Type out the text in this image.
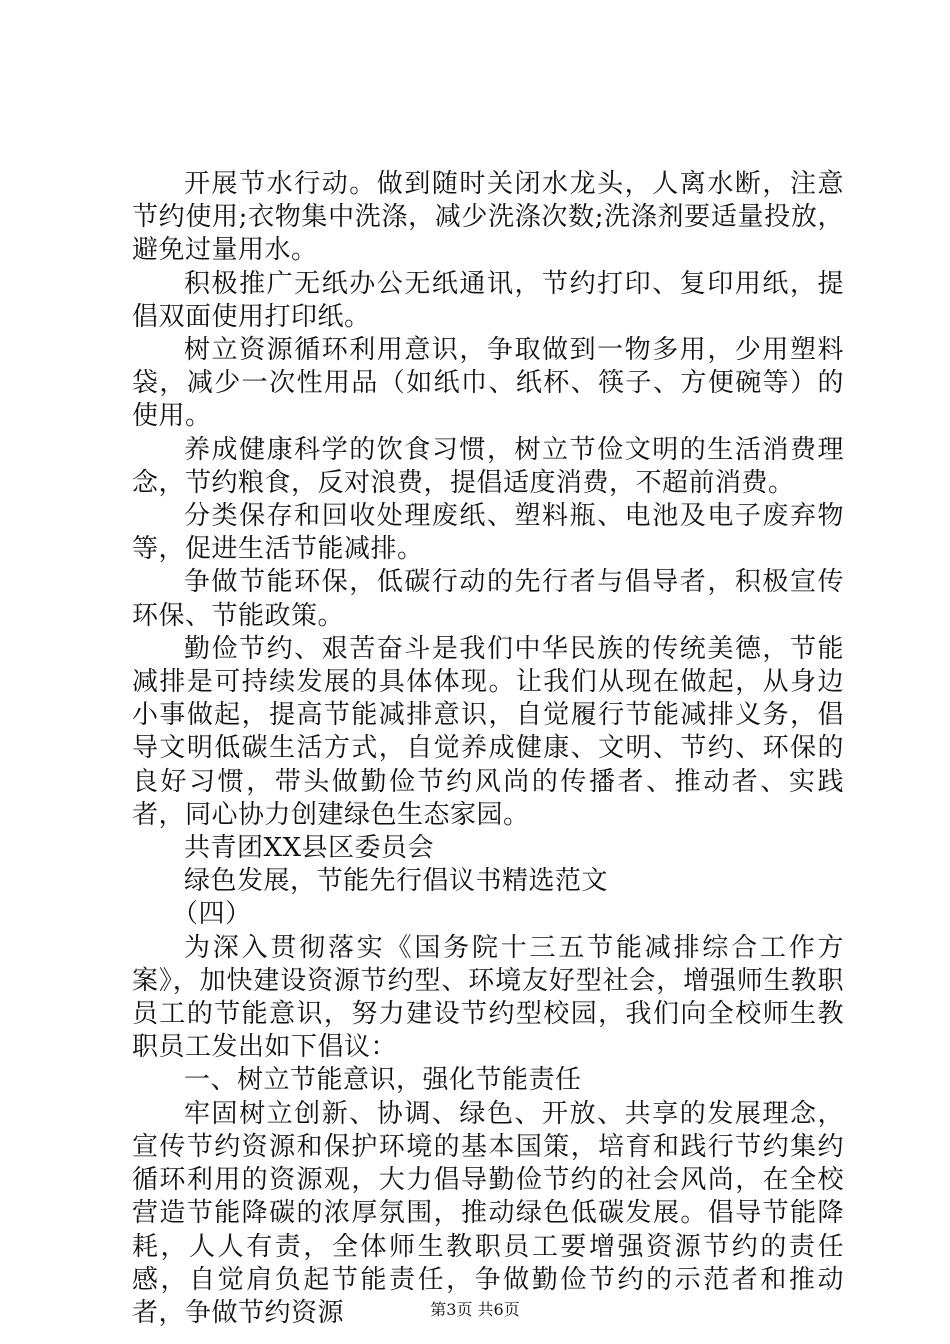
开展节水行动。做到随时关闭水龙头，人离水断，注意节约使用;衣物集中洗涤，减少洗涤次数;洗涤剂要适量投放，避免过量用水。

积极推广无纸办公无纸通讯，节约打印、复印用纸，提倡双面使用打印纸。

树立资源循环利用意识，争取做到一物多用，少用塑料袋，减少一次性用品（如纸巾、纸杯、筷子、方便碗等）的使用。

养成健康科学的饮食习惯，树立节俭文明的生活消费理念，节约粮食，反对浪费，提倡适度消费，不超前消费。

分类保存和回收处理废纸、塑料瓶、电池及电子废弃物等，促进生活节能减排。

争做节能环保，低碳行动的先行者与倡导者，积极宣传环保、节能政策。

勤俭节约、艰苦奋斗是我们中华民族的传统美德，节能减排是可持续发展的具体体现。让我们从现在做起，从身边小事做起，提高节能减排意识，自觉履行节能减排义务，倡导文明低碳生活方式，自觉养成健康、文明、节约、环保的良好习惯，带头做勤俭节约风尚的传播者、推动者、实践者，同心协力创建绿色生态家园。

共青团XX县区委员会

绿色发展，节能先行倡议书精选范文

（四）

为深入贯彻落实《国务院十三五节能减排综合工作方案》，加快建设资源节约型、环境友好型社会，增强师生教职员工的节能意识，努力建设节约型校园，我们向全校师生教职员工发出如下倡议：

一、树立节能意识，强化节能责任

牢固树立创新、协调、绿色、开放、共享的发展理念，宣传节约资源和保护环境的基本国策，培育和践行节约集约循环利用的资源观，大力倡导勤俭节约的社会风尚，在全校营造节能降碳的浓厚氛围，推动绿色低碳发展。倡导节能降耗，人人有责，全体师生教职员工要增强资源节约的责任感，自觉肩负起节能责任，争做勤俭节约的示范者和推动者，争做节约资源	第3页 共6页
